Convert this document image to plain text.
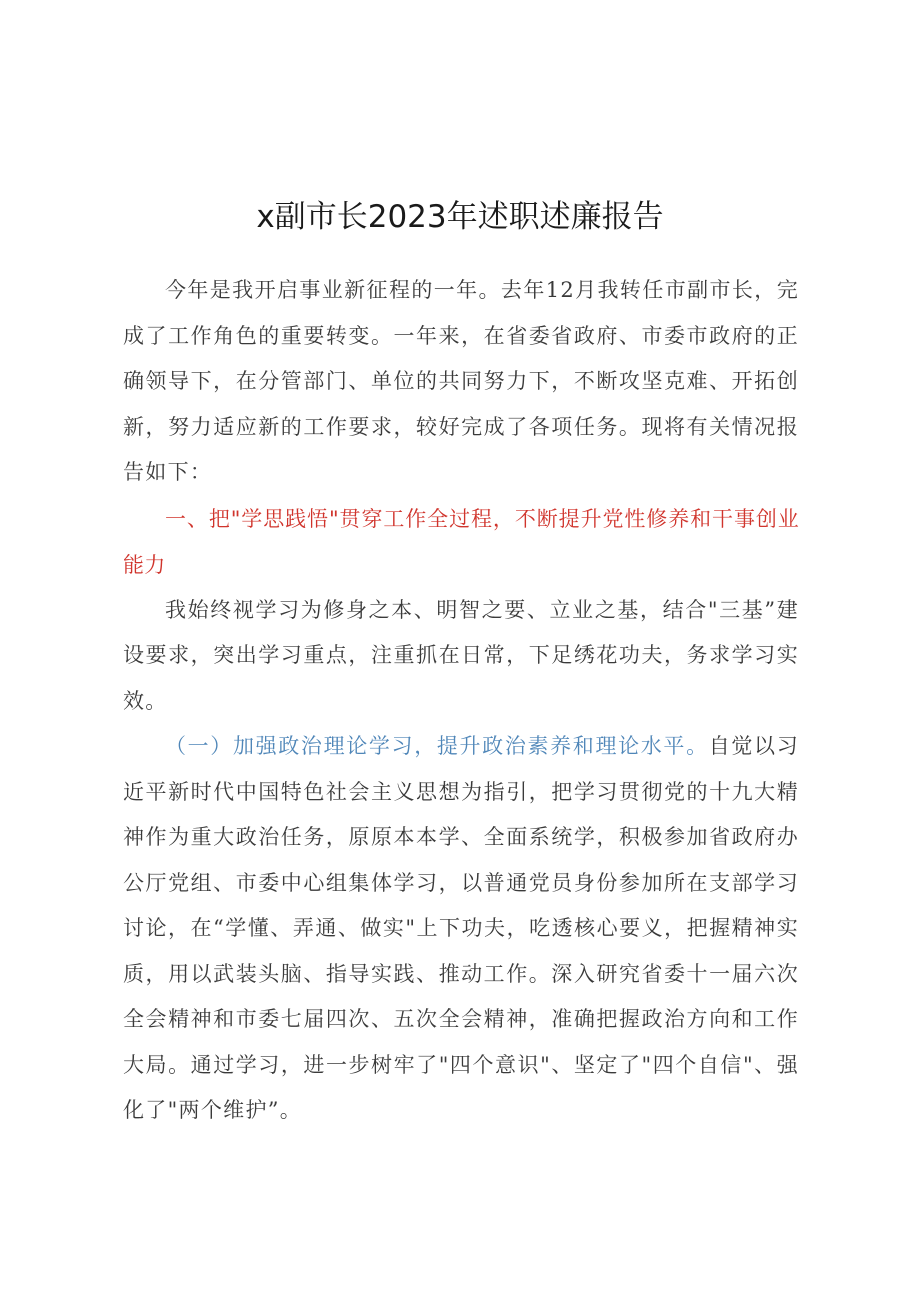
x副市长2023年述职述廉报告

今年是我开启事业新征程的一年。去年12月我转任市副市长，完成了工作角色的重要转变。一年来，在省委省政府、市委市政府的正确领导下，在分管部门、单位的共同努力下，不断攻坚克难、开拓创新，努力适应新的工作要求，较好完成了各项任务。现将有关情况报告如下：

一、把"学思践悟"贯穿工作全过程，不断提升党性修养和干事创业能力

我始终视学习为修身之本、明智之要、立业之基，结合"三基”建设要求，突出学习重点，注重抓在日常，下足绣花功夫，务求学习实效。

（一）加强政治理论学习，提升政治素养和理论水平。自觉以习近平新时代中国特色社会主义思想为指引，把学习贯彻党的十九大精神作为重大政治任务，原原本本学、全面系统学，积极参加省政府办公厅党组、市委中心组集体学习，以普通党员身份参加所在支部学习讨论，在“学懂、弄通、做实"上下功夫，吃透核心要义，把握精神实质，用以武装头脑、指导实践、推动工作。深入研究省委十一届六次全会精神和市委七届四次、五次全会精神，准确把握政治方向和工作大局。通过学习，进一步树牢了"四个意识"、坚定了"四个自信"、强化了"两个维护”。
